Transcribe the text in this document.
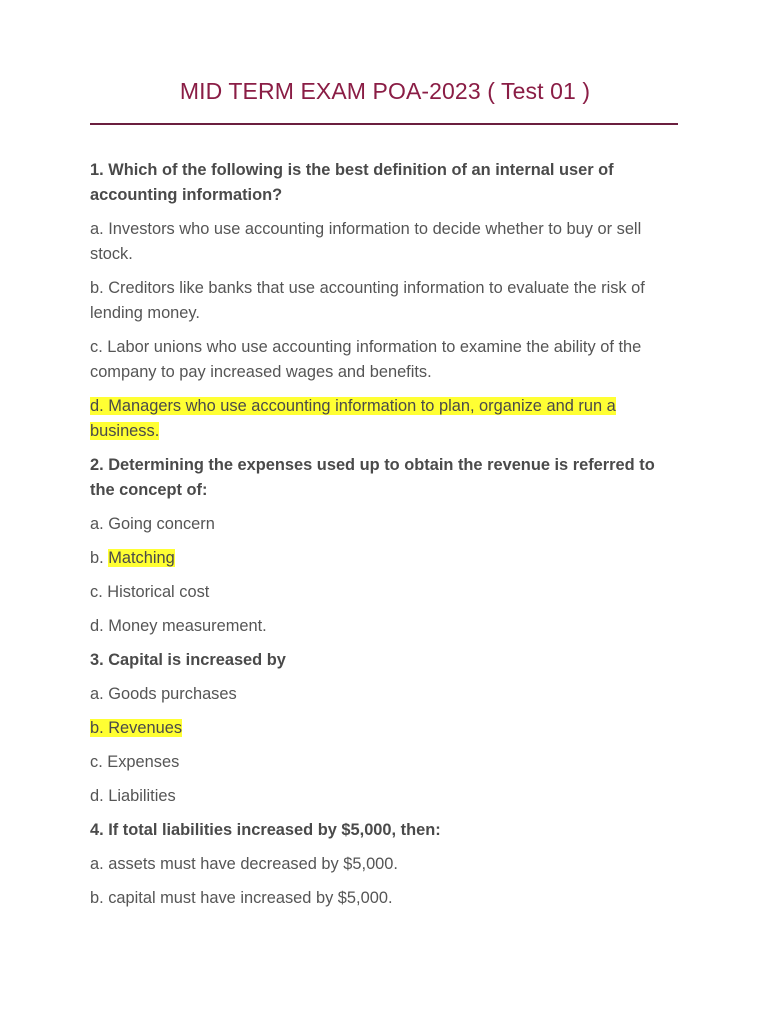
MID TERM EXAM POA-2023 ( Test 01 )
1. Which of the following is the best definition of an internal user of accounting information?
a. Investors who use accounting information to decide whether to buy or sell stock.
b. Creditors like banks that use accounting information to evaluate the risk of lending money.
c. Labor unions who use accounting information to examine the ability of the company to pay increased wages and benefits.
d. Managers who use accounting information to plan, organize and run a business.
2. Determining the expenses used up to obtain the revenue is referred to the concept of:
a. Going concern
b. Matching
c. Historical cost
d. Money measurement.
3. Capital is increased by
a. Goods purchases
b. Revenues
c. Expenses
d. Liabilities
4. If total liabilities increased by $5,000, then:
a. assets must have decreased by $5,000.
b. capital must have increased by $5,000.
